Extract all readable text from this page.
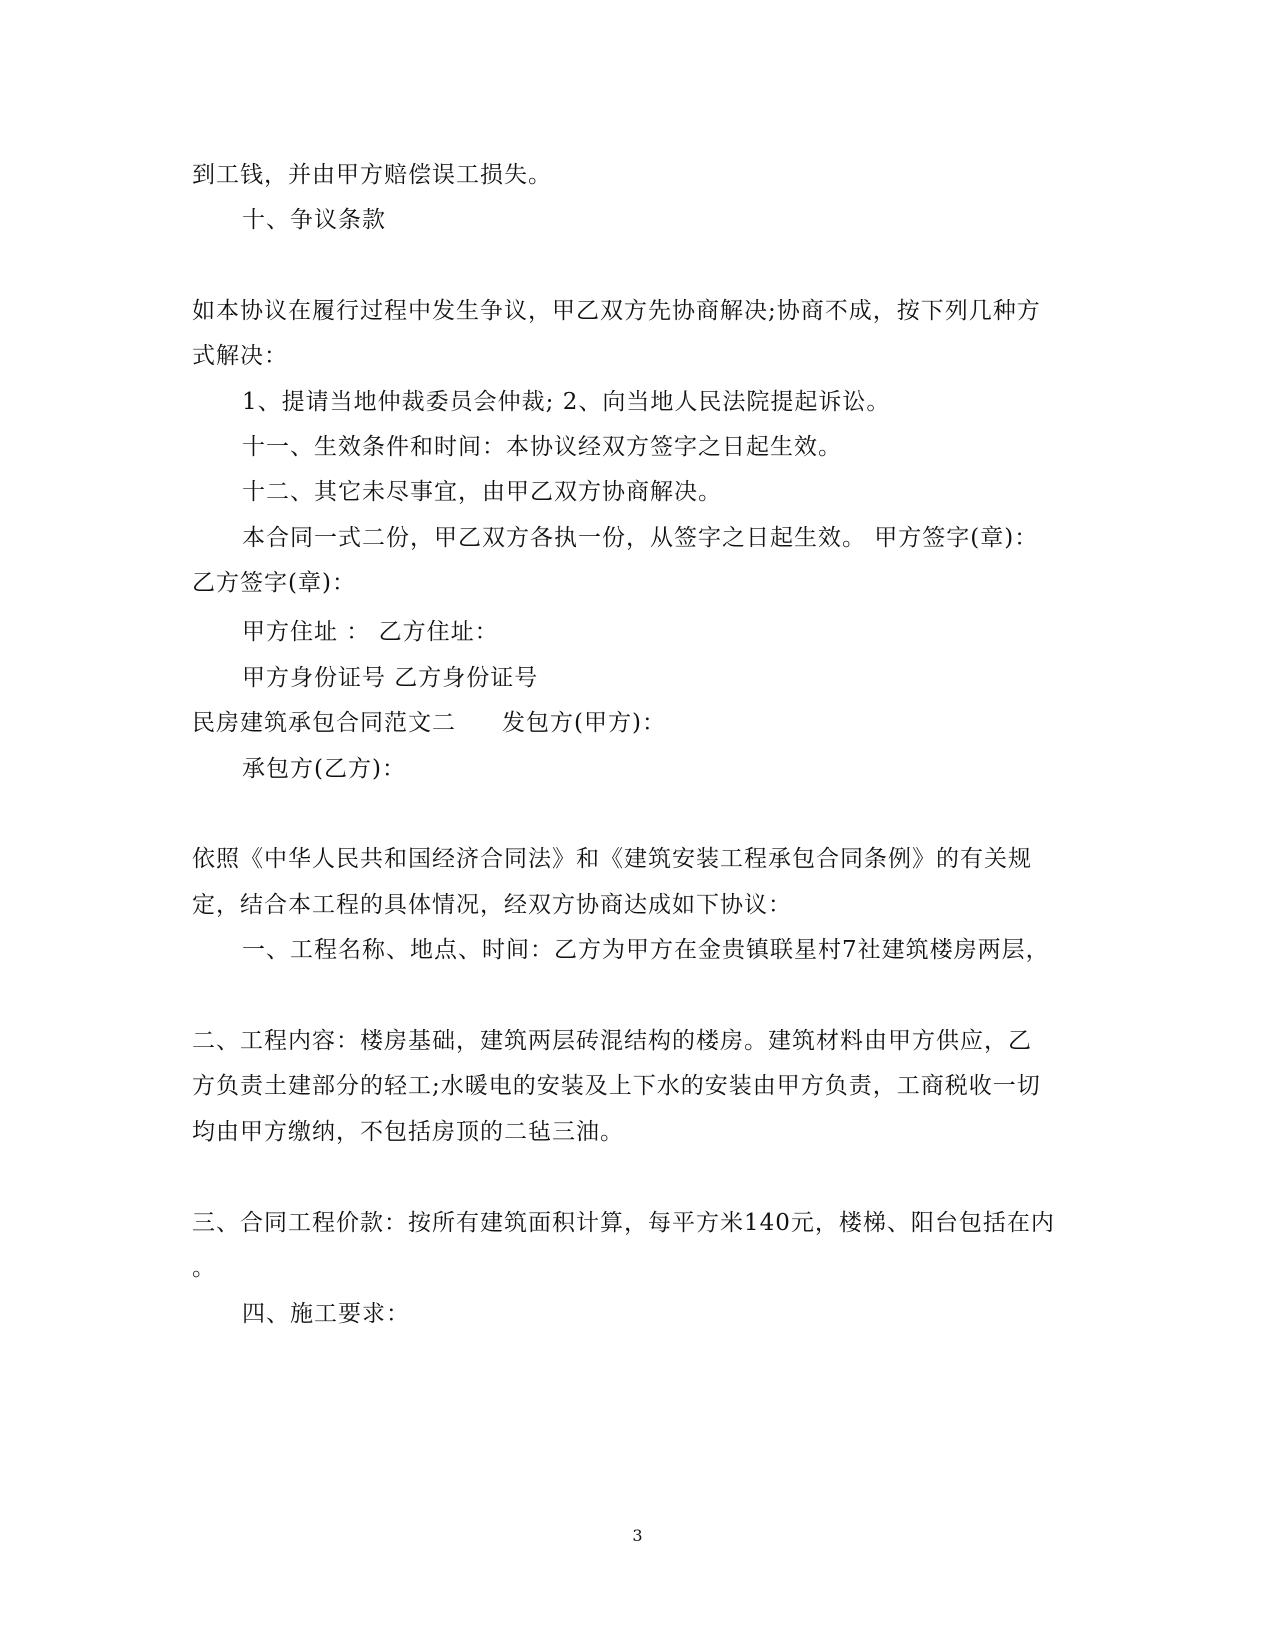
到工钱，并由甲方赔偿误工损失。
十、争议条款
如本协议在履行过程中发生争议，甲乙双方先协商解决;协商不成，按下列几种方
式解决：
1、提请当地仲裁委员会仲裁; 2、向当地人民法院提起诉讼。
十一、生效条件和时间：本协议经双方签字之日起生效。
十二、其它未尽事宜，由甲乙双方协商解决。
本合同一式二份，甲乙双方各执一份，从签字之日起生效。 甲方签字(章)：
乙方签字(章)：
甲方住址 ： 乙方住址：
甲方身份证号 乙方身份证号
民房建筑承包合同范文二 发包方(甲方)：
承包方(乙方)：
依照《中华人民共和国经济合同法》和《建筑安装工程承包合同条例》的有关规
定，结合本工程的具体情况，经双方协商达成如下协议：
一、工程名称、地点、时间：乙方为甲方在金贵镇联星村7社建筑楼房两层，
二、工程内容：楼房基础，建筑两层砖混结构的楼房。建筑材料由甲方供应，乙
方负责土建部分的轻工;水暖电的安装及上下水的安装由甲方负责，工商税收一切
均由甲方缴纳，不包括房顶的二毡三油。
三、合同工程价款：按所有建筑面积计算，每平方米140元，楼梯、阳台包括在内
。
四、施工要求：
3
